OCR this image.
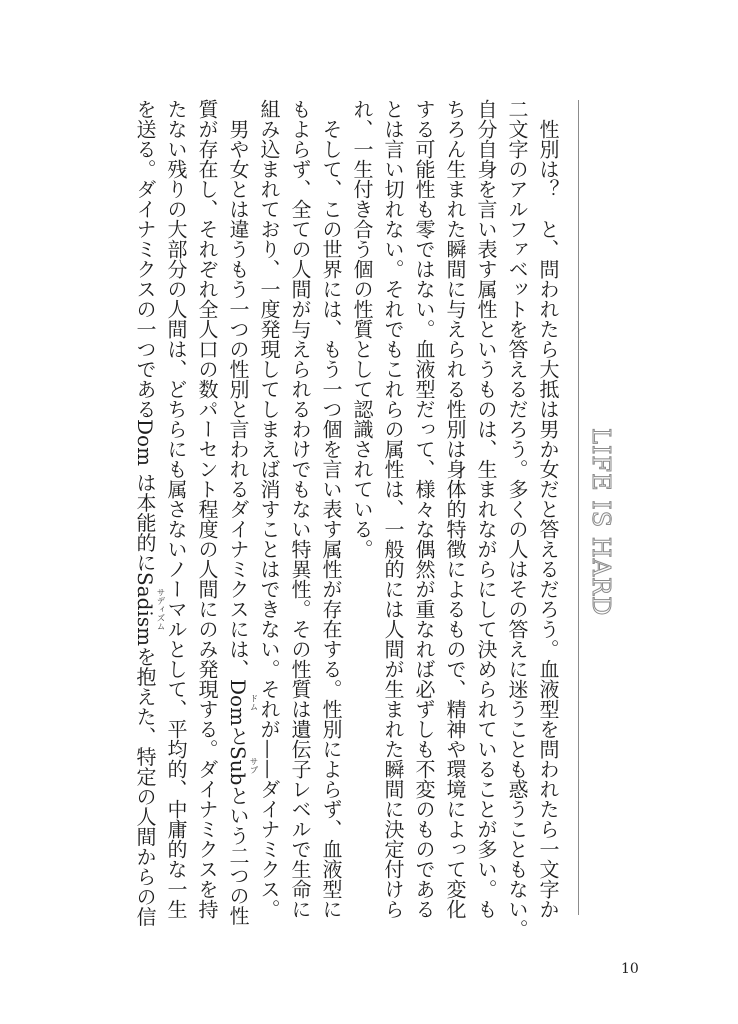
　性別は？　と、問われたら大抵は男か女だと答えるだろう。血液型を問われたら一文字か
二文字のアルファベットを答えるだろう。多くの人はその答えに迷うことも惑うこともない。
自分自身を言い表す属性というものは、生まれながらにして決められていることが多い。も
ちろん生まれた瞬間に与えられる性別は身体的特徴によるもので、精神や環境によって変化
する可能性も零ではない。血液型だって、様々な偶然が重なれば必ずしも不変のものである
とは言い切れない。それでもこれらの属性は、一般的には人間が生まれた瞬間に決定付けら
れ、一生付き合う個の性質として認識されている。
　そして、この世界には、もう一つ個を言い表す属性が存在する。性別によらず、血液型に
もよらず、全ての人間が与えられるわけでもない特異性。その性質は遺伝子レベルで生命に
組み込まれており、一度発現してしまえば消すことはできない。それが——ダイナミクス。
　男や女とは違うもう一つの性別と言われるダイナミクスには、Dom
ドム
とSub
サブ
という二つの性
質が存在し、それぞれ全人口の数パーセント程度の人間にのみ発現する。ダイナミクスを持
たない残りの大部分の人間は、どちらにも属さないノーマルとして、平均的、中庸的な一生
を送る。ダイナミクスの一つであるDom は本能的にSadism
サディズム
を抱えた、特定の人間からの信
LIFE IS HARD
10
